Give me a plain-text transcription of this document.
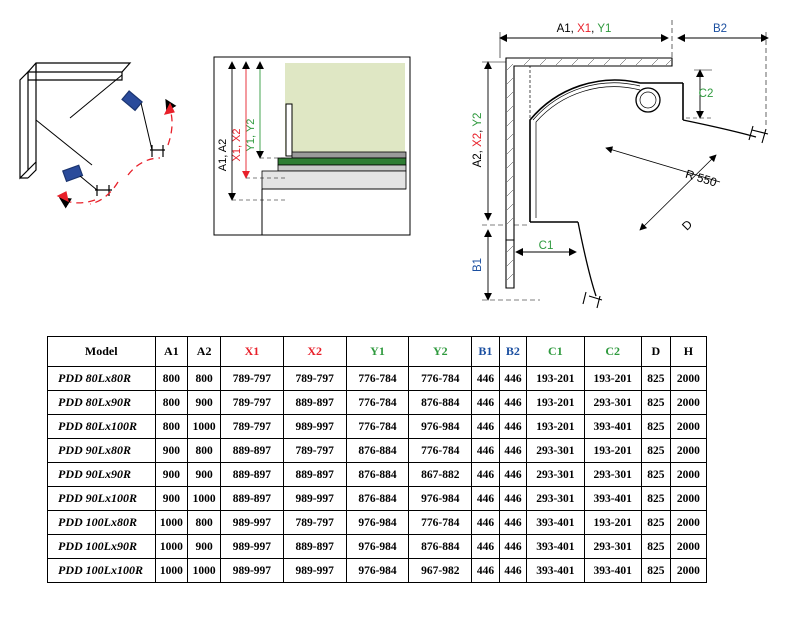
A1, A2 X1, X2 Y1, Y2
A1, X1, Y1	B2
A2, X2, Y2
B1
C1
C2
D
R 550
Model	A1	A2	X1	X2	Y1	Y2	B1	B2	C1	C2	D	H
PDD 80Lx80R	800	800	789-797	789-797	776-784	776-784	446	446	193-201	193-201	825	2000
PDD 80Lx90R	800	900	789-797	889-897	776-784	876-884	446	446	193-201	293-301	825	2000
PDD 80Lx100R	800	1000	789-797	989-997	776-784	976-984	446	446	193-201	393-401	825	2000
PDD 90Lx80R	900	800	889-897	789-797	876-884	776-784	446	446	293-301	193-201	825	2000
PDD 90Lx90R	900	900	889-897	889-897	876-884	867-882	446	446	293-301	293-301	825	2000
PDD 90Lx100R	900	1000	889-897	989-997	876-884	976-984	446	446	293-301	393-401	825	2000
PDD 100Lx80R	1000	800	989-997	789-797	976-984	776-784	446	446	393-401	193-201	825	2000
PDD 100Lx90R	1000	900	989-997	889-897	976-984	876-884	446	446	393-401	293-301	825	2000
PDD 100Lx100R	1000	1000	989-997	989-997	976-984	967-982	446	446	393-401	393-401	825	2000
